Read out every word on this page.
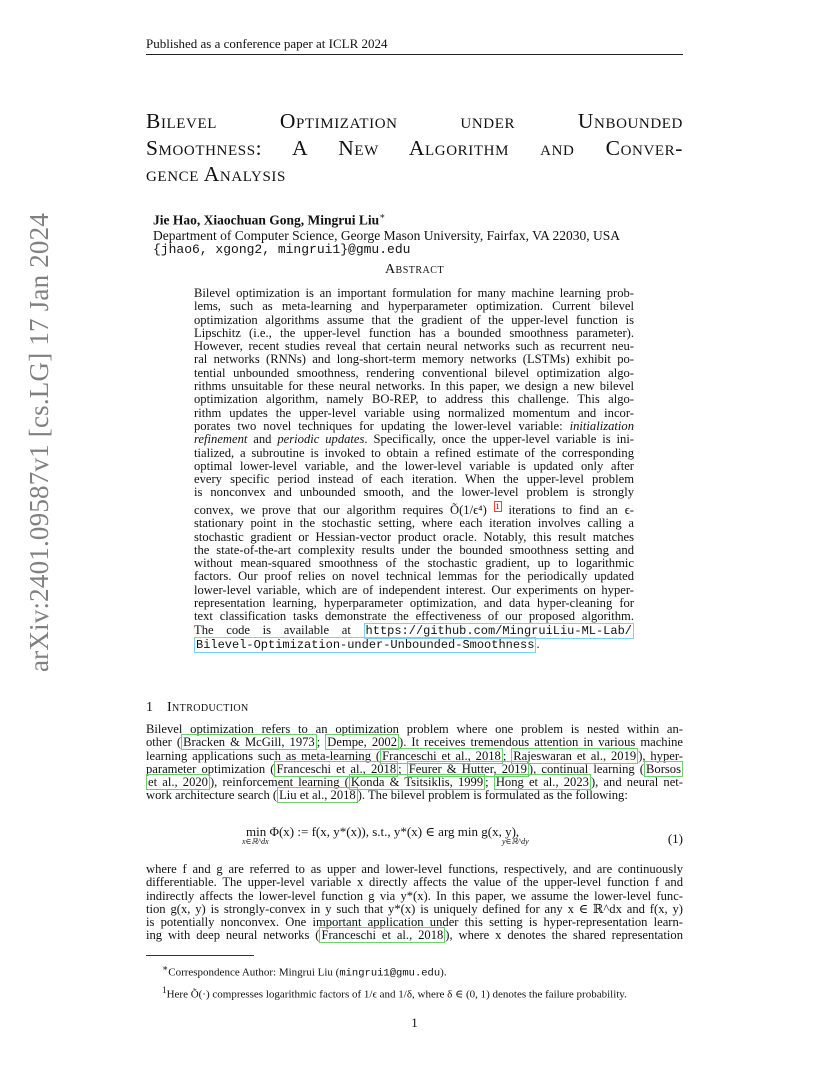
Published as a conference paper at ICLR 2024
arXiv:2401.09587v1 [cs.LG] 17 Jan 2024
Bilevel Optimization under Unbounded
Smoothness: A New Algorithm and Conver-
gence Analysis
Jie Hao, Xiaochuan Gong, Mingrui Liu∗
Department of Computer Science, George Mason University, Fairfax, VA 22030, USA
{jhao6, xgong2, mingrui1}@gmu.edu
Abstract
Bilevel optimization is an important formulation for many machine learning prob-
lems, such as meta-learning and hyperparameter optimization. Current bilevel
optimization algorithms assume that the gradient of the upper-level function is
Lipschitz (i.e., the upper-level function has a bounded smoothness parameter).
However, recent studies reveal that certain neural networks such as recurrent neu-
ral networks (RNNs) and long-short-term memory networks (LSTMs) exhibit po-
tential unbounded smoothness, rendering conventional bilevel optimization algo-
rithms unsuitable for these neural networks. In this paper, we design a new bilevel
optimization algorithm, namely BO-REP, to address this challenge. This algo-
rithm updates the upper-level variable using normalized momentum and incor-
porates two novel techniques for updating the lower-level variable: initialization
refinement and periodic updates. Specifically, once the upper-level variable is ini-
tialized, a subroutine is invoked to obtain a refined estimate of the corresponding
optimal lower-level variable, and the lower-level variable is updated only after
every specific period instead of each iteration. When the upper-level problem
is nonconvex and unbounded smooth, and the lower-level problem is strongly
convex, we prove that our algorithm requires Õ(1/ϵ⁴) $^1$ iterations to find an ϵ-
stationary point in the stochastic setting, where each iteration involves calling a
stochastic gradient or Hessian-vector product oracle. Notably, this result matches
the state-of-the-art complexity results under the bounded smoothness setting and
without mean-squared smoothness of the stochastic gradient, up to logarithmic
factors. Our proof relies on novel technical lemmas for the periodically updated
lower-level variable, which are of independent interest. Our experiments on hyper-
representation learning, hyperparameter optimization, and data hyper-cleaning for
text classification tasks demonstrate the effectiveness of our proposed algorithm.
The code is available at https://github.com/MingruiLiu-ML-Lab/
Bilevel-Optimization-under-Unbounded-Smoothness .
1 Introduction
Bilevel optimization refers to an optimization problem where one problem is nested within an-
other ( Bracken & McGill, 1973 ; Dempe, 2002 ). It receives tremendous attention in various machine
learning applications such as meta-learning ( Franceschi et al., 2018 ; Rajeswaran et al., 2019 ), hyper-
parameter optimization ( Franceschi et al., 2018 ; Feurer & Hutter, 2019 ), continual learning ( Borsos
et al., 2020 ), reinforcement learning ( Konda & Tsitsiklis, 1999 ; Hong et al., 2023 ), and neural net-
work architecture search ( Liu et al., 2018 ). The bilevel problem is formulated as the following:
min Φ(x) := f(x, y*(x)), s.t., y*(x) ∈ arg min g(x, y),
x∈ℝ^dx	y∈ℝ^dy	(1)
where f and g are referred to as upper and lower-level functions, respectively, and are continuously
differentiable. The upper-level variable x directly affects the value of the upper-level function f and
indirectly affects the lower-level function g via y*(x). In this paper, we assume the lower-level func-
tion g(x, y) is strongly-convex in y such that y*(x) is uniquely defined for any x ∈ ℝ^dx and f(x, y)
is potentially nonconvex. One important application under this setting is hyper-representation learn-
ing with deep neural networks ( Franceschi et al., 2018 ), where x denotes the shared representation
∗Correspondence Author: Mingrui Liu (mingrui1@gmu.edu).
$^1$Here Õ(·) compresses logarithmic factors of 1/ϵ and 1/δ, where δ ∈ (0, 1) denotes the failure probability.
1
